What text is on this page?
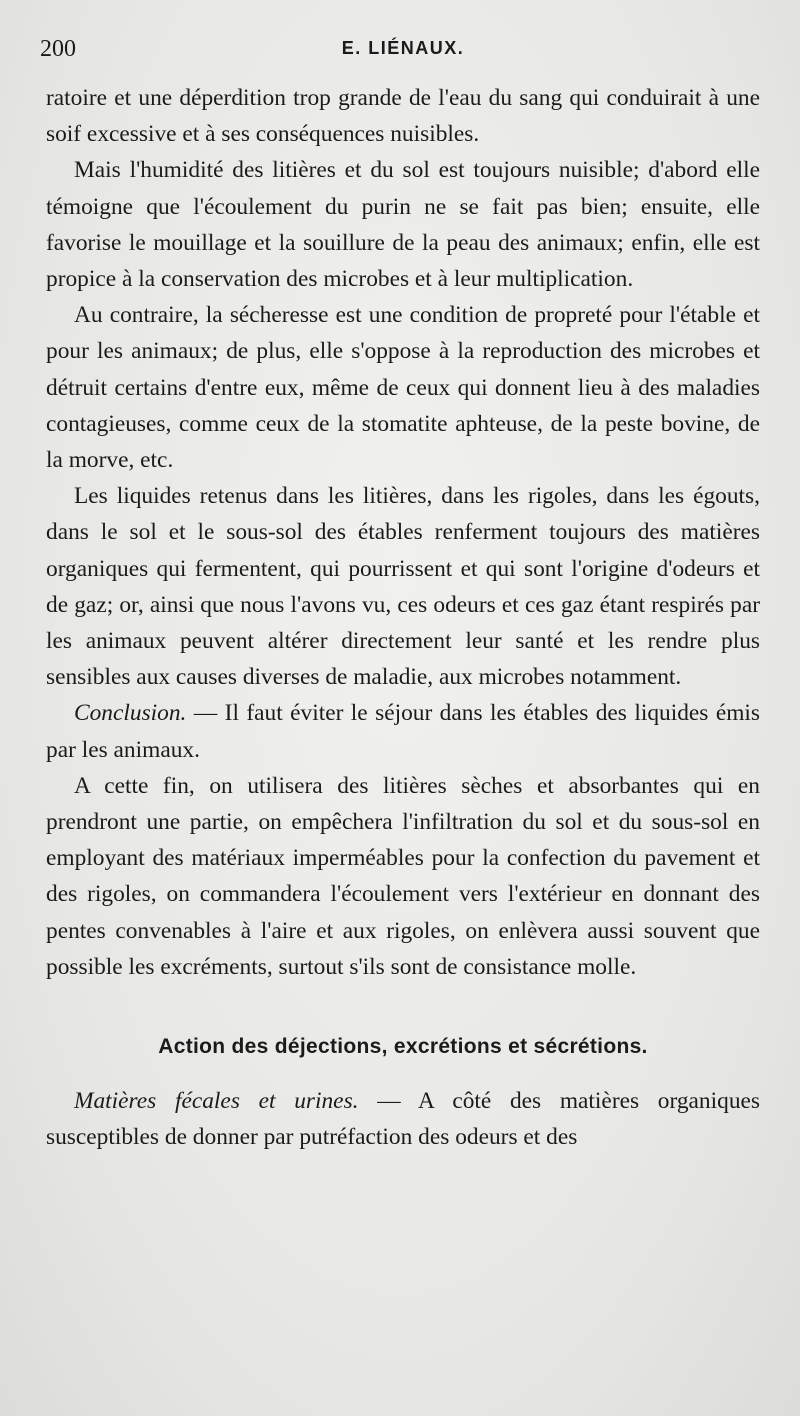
200	E. LIÉNAUX.

ratoire et une déperdition trop grande de l'eau du sang qui conduirait à une soif excessive et à ses conséquences nuisibles.

Mais l'humidité des litières et du sol est toujours nuisible; d'abord elle témoigne que l'écoulement du purin ne se fait pas bien; ensuite, elle favorise le mouillage et la souillure de la peau des animaux; enfin, elle est propice à la conservation des microbes et à leur multiplication.

Au contraire, la sécheresse est une condition de propreté pour l'étable et pour les animaux; de plus, elle s'oppose à la reproduction des microbes et détruit certains d'entre eux, même de ceux qui donnent lieu à des maladies contagieuses, comme ceux de la stomatite aphteuse, de la peste bovine, de la morve, etc.

Les liquides retenus dans les litières, dans les rigoles, dans les égouts, dans le sol et le sous-sol des étables renferment toujours des matières organiques qui fermentent, qui pourrissent et qui sont l'origine d'odeurs et de gaz; or, ainsi que nous l'avons vu, ces odeurs et ces gaz étant respirés par les animaux peuvent altérer directement leur santé et les rendre plus sensibles aux causes diverses de maladie, aux microbes notamment.

Conclusion. — Il faut éviter le séjour dans les étables des liquides émis par les animaux.

A cette fin, on utilisera des litières sèches et absorbantes qui en prendront une partie, on empêchera l'infiltration du sol et du sous-sol en employant des matériaux imperméables pour la confection du pavement et des rigoles, on commandera l'écoulement vers l'extérieur en donnant des pentes convenables à l'aire et aux rigoles, on enlèvera aussi souvent que possible les excréments, surtout s'ils sont de consistance molle.

Action des déjections, excrétions et sécrétions.

Matières fécales et urines. — A côté des matières organiques susceptibles de donner par putréfaction des odeurs et des
